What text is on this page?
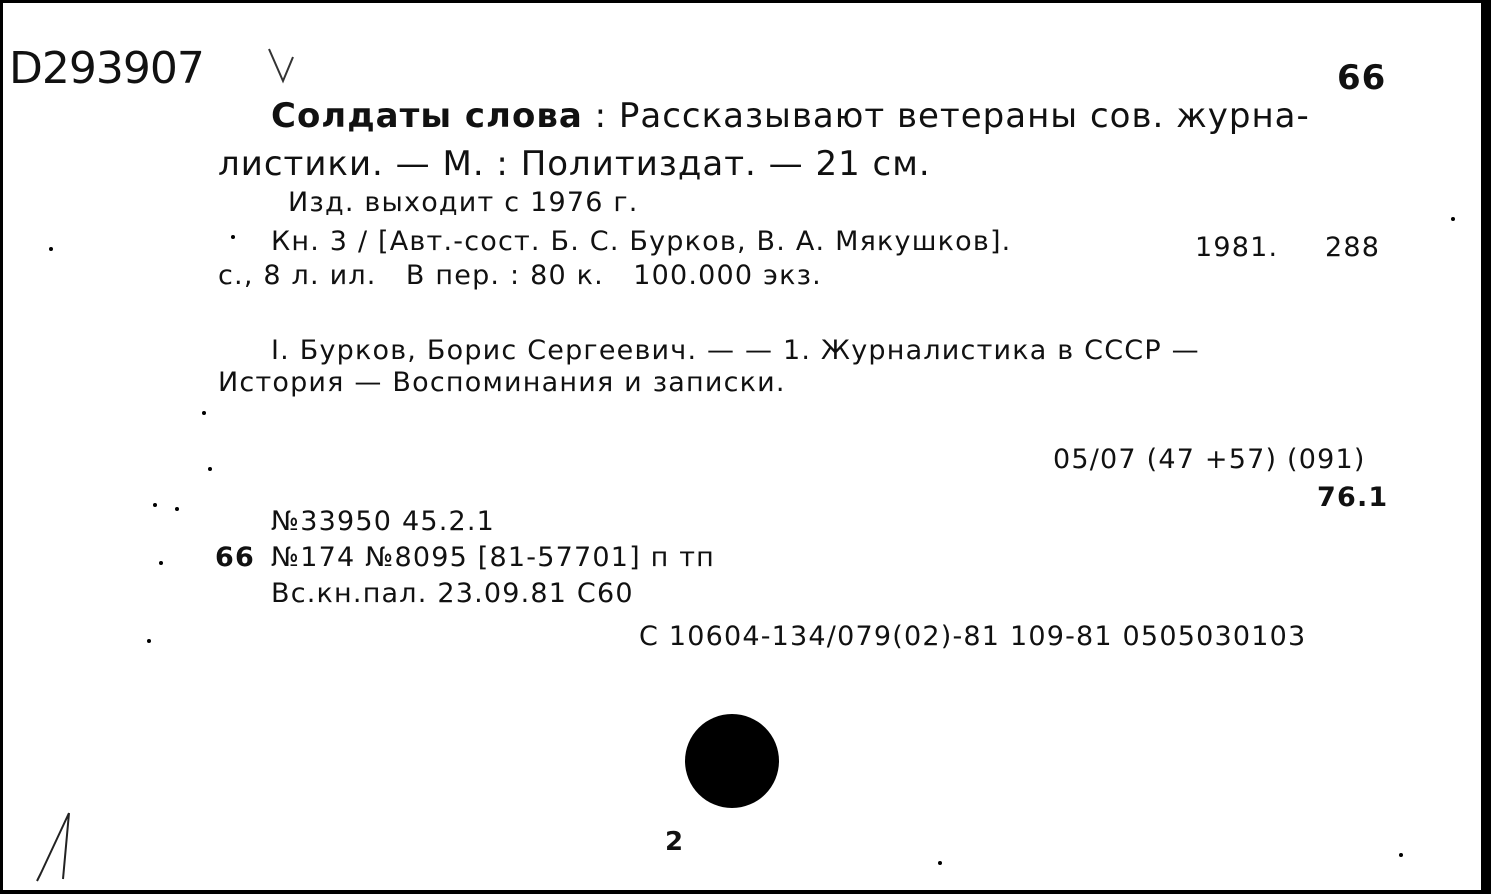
D293907	66
Солдаты слова : Рассказывают ветераны сов. журна-
листики. — М. : Политиздат. — 21 см.
Изд. выходит с 1976 г.
Кн. 3 / [Авт.-сост. Б. С. Бурков, В. А. Мякушков].	1981. 288
с., 8 л. ил.   В пер. : 80 к.   100.000 экз.
I. Бурков, Борис Сергеевич. — — 1. Журналистика в СССР —
История — Воспоминания и записки.
05/07 (47 +57) (091)
76.1
№33950 45.2.1
66 №174 №8095 [81-57701] п тп
Вс.кн.пал. 23.09.81 С60
С 10604-134/079(02)-81 109-81 0505030103
2
